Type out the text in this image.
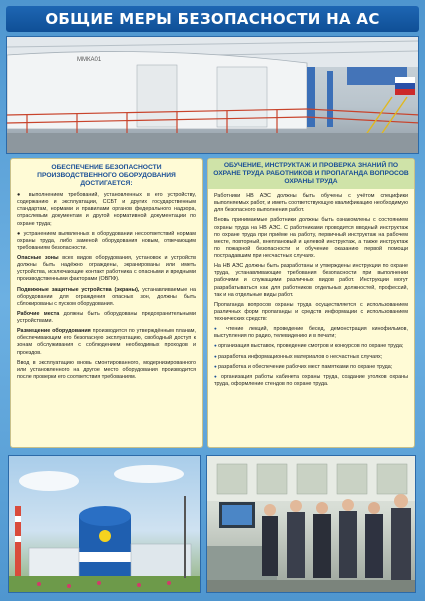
ОБЩИЕ МЕРЫ БЕЗОПАСНОСТИ НА АС
ММКА01
ОБЕСПЕЧЕНИЕ БЕЗОПАСНОСТИ ПРОИЗВОДСТВЕННОГО ОБОРУДОВАНИЯ ДОСТИГАЕТСЯ:
● выполнением требований, установленных в его устройству, содержанию и эксплуатации, ССБТ и других государственным стандартам, нормами и правилами органов федерального надзора, отраслевым документам и другой нормативной документации по охране труда;
● устранением выявленных в оборудовании несоответствий нормам охраны труда, либо заменой оборудования новым, отвечающим требованиям безопасности.
Опасные зоны всех видов оборудования, установок и устройств должны быть надёжно ограждены, экранированы или иметь устройства, исключающие контакт работника с опасными и вредными производственными факторами (ОВПФ).
Подвижные защитные устройства (экраны), устанавливаемые на оборудовании для ограждения опасных зон, должны быть сблокированы с пуском оборудования.
Рабочие места должны быть оборудованы предохранительными устройствами.
Размещение оборудования производится по утверждённым планам, обеспечивающим его безопасную эксплуатацию, свободный доступ к зонам обслуживания с соблюдением необходимых проходов и проездов.
Ввод в эксплуатацию вновь смонтированного, модернизированного или установленного на другое место оборудования производится после проверки его соответствия требованиям.
ОБУЧЕНИЕ, ИНСТРУКТАЖ И ПРОВЕРКА ЗНАНИЙ ПО ОХРАНЕ ТРУДА РАБОТНИКОВ И ПРОПАГАНДА ВОПРОСОВ ОХРАНЫ ТРУДА
Работники НВ АЭС должны быть обучены с учётом специфики выполняемых работ, и иметь соответствующую квалификацию необходимую для безопасного выполнения работ.
Вновь принимаемые работники должны быть ознакомлены с состоянием охраны труда на НВ АЭС. С работниками проводится вводный инструктаж по охране труда при приёме на работу, первичный инструктаж на рабочем месте, повторный, внеплановый и целевой инструктаж, а также инструктаж по пожарной безопасности и обучение оказанию первой помощи пострадавшим при несчастных случаях.
На НВ АЭС должны быть разработаны и утверждены инструкции по охране труда, устанавливающие требования безопасности при выполнении рабочими и служащими различных видов работ. Инструкции могут разрабатываться как для работников отдельных должностей, профессий, так и на отдельные виды работ.
Пропаганда вопросов охраны труда осуществляется с использованием различных форм пропаганды и средств информации с использованием технических средств:
● чтение лекций, проведение бесед, демонстрация кинофильмов, выступления по радио, телевидению и в печати;
● организация выставок, проведение смотров и конкурсов по охране труда;
● разработка информационных материалов о несчастных случаях;
● разработка и обеспечение рабочих мест памятками по охране труда;
● организация работы кабинета охраны труда, создание уголков охраны труда, оформление стендов по охране труда.
